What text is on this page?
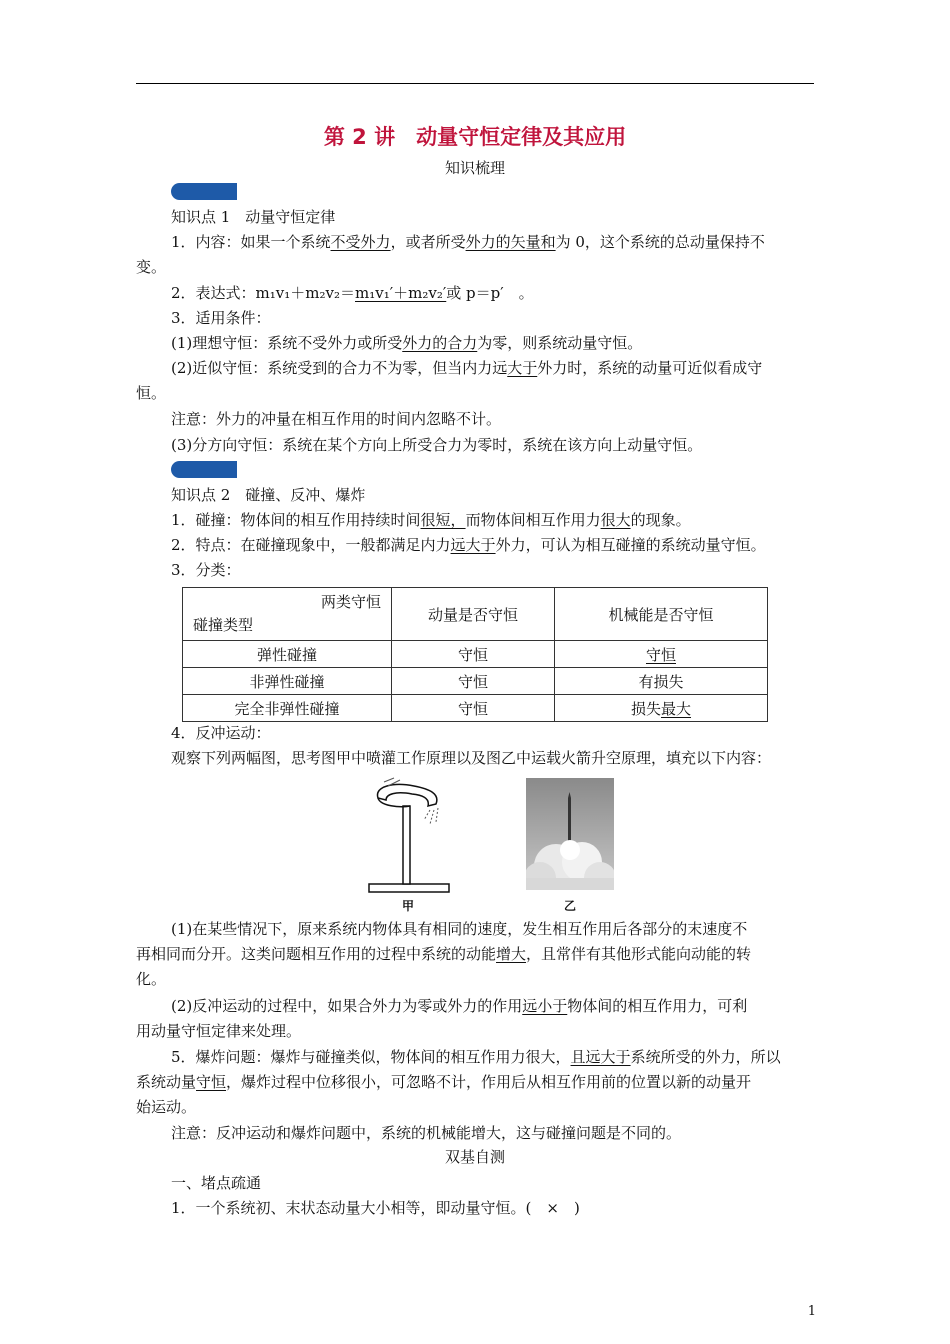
第 2 讲　动量守恒定律及其应用
知识梳理
知识点 1　动量守恒定律
1．内容：如果一个系统不受外力，或者所受外力的矢量和为 0，这个系统的总动量保持不
变。
2．表达式：m₁v₁＋m₂v₂＝m₁v₁′＋m₂v₂′或 p＝p′　。
3．适用条件：
(1)理想守恒：系统不受外力或所受外力的合力为零，则系统动量守恒。
(2)近似守恒：系统受到的合力不为零，但当内力远大于外力时，系统的动量可近似看成守
恒。
注意：外力的冲量在相互作用的时间内忽略不计。
(3)分方向守恒：系统在某个方向上所受合力为零时，系统在该方向上动量守恒。
知识点 2　碰撞、反冲、爆炸
1．碰撞：物体间的相互作用持续时间很短，而物体间相互作用力很大的现象。
2．特点：在碰撞现象中，一般都满足内力远大于外力，可认为相互碰撞的系统动量守恒。
3．分类：
两类守恒
碰撞类型	动量是否守恒	机械能是否守恒
弹性碰撞	守恒	守恒
非弹性碰撞	守恒	有损失
完全非弹性碰撞	守恒	损失最大
4．反冲运动：
观察下列两幅图，思考图甲中喷灌工作原理以及图乙中运载火箭升空原理，填充以下内容：
甲	乙
(1)在某些情况下，原来系统内物体具有相同的速度，发生相互作用后各部分的末速度不
再相同而分开。这类问题相互作用的过程中系统的动能增大，且常伴有其他形式能向动能的转
化。
(2)反冲运动的过程中，如果合外力为零或外力的作用远小于物体间的相互作用力，可利
用动量守恒定律来处理。
5．爆炸问题：爆炸与碰撞类似，物体间的相互作用力很大，且远大于系统所受的外力，所以
系统动量守恒，爆炸过程中位移很小，可忽略不计，作用后从相互作用前的位置以新的动量开
始运动。
注意：反冲运动和爆炸问题中，系统的机械能增大，这与碰撞问题是不同的。
双基自测
一、堵点疏通
1．一个系统初、末状态动量大小相等，即动量守恒。(　×　)
1
